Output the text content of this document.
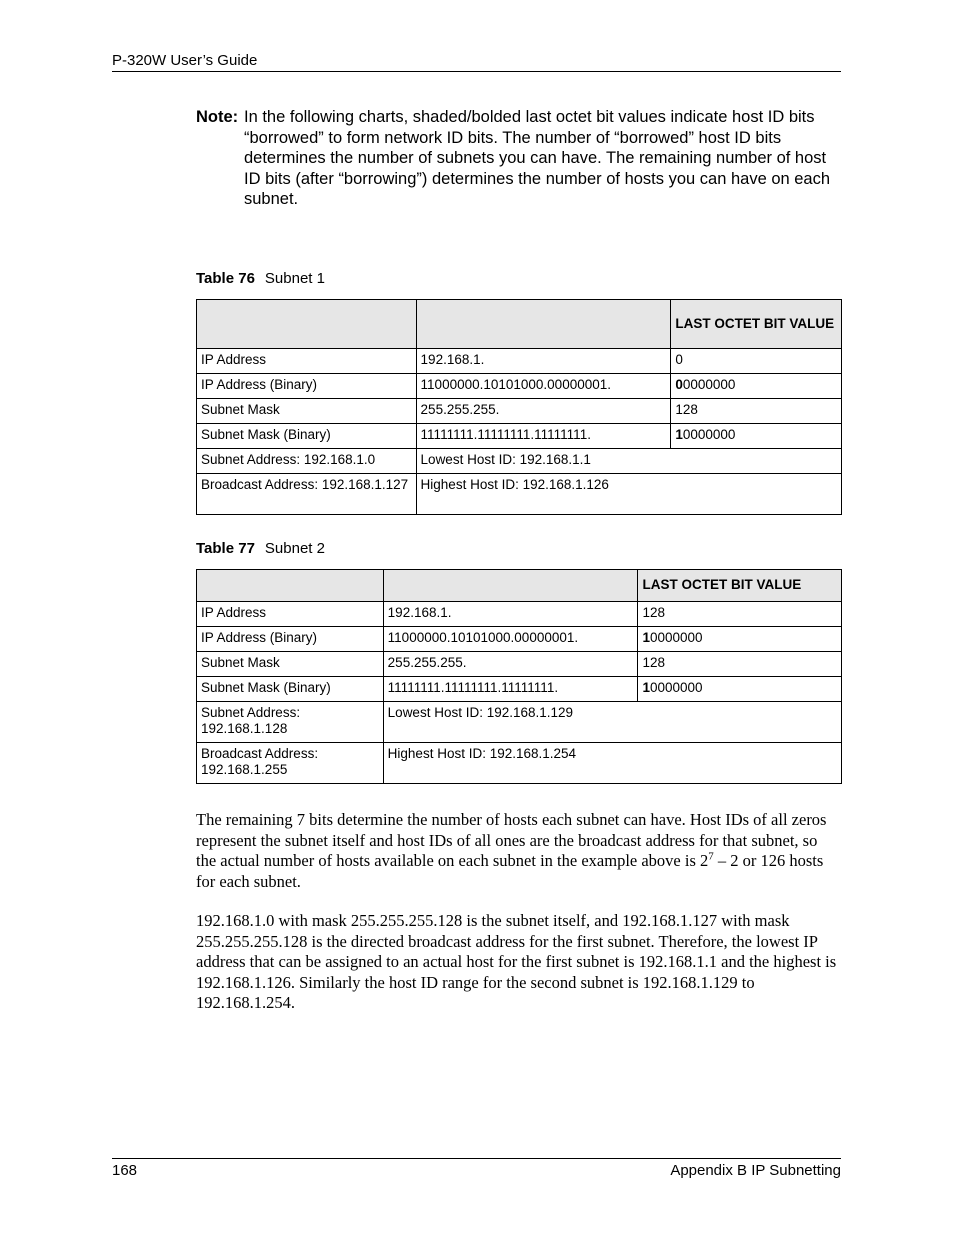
P-320W User’s Guide
Note: In the following charts, shaded/bolded last octet bit values indicate host ID bits “borrowed” to form network ID bits. The number of “borrowed” host ID bits determines the number of subnets you can have. The remaining number of host ID bits (after “borrowing”) determines the number of hosts you can have on each subnet.
Table 76 Subnet 1
		LAST OCTET BIT VALUE
IP Address	192.168.1.	0
IP Address (Binary)	11000000.10101000.00000001.	00000000
Subnet Mask	255.255.255.	128
Subnet Mask (Binary)	11111111.11111111.11111111.	10000000
Subnet Address: 192.168.1.0	Lowest Host ID: 192.168.1.1	
Broadcast Address: 192.168.1.127	Highest Host ID: 192.168.1.126	
Table 77 Subnet 2
		LAST OCTET BIT VALUE
IP Address	192.168.1.	128
IP Address (Binary)	11000000.10101000.00000001.	10000000
Subnet Mask	255.255.255.	128
Subnet Mask (Binary)	11111111.11111111.11111111.	10000000
Subnet Address: 192.168.1.128	Lowest Host ID: 192.168.1.129	
Broadcast Address: 192.168.1.255	Highest Host ID: 192.168.1.254	
The remaining 7 bits determine the number of hosts each subnet can have. Host IDs of all zeros represent the subnet itself and host IDs of all ones are the broadcast address for that subnet, so the actual number of hosts available on each subnet in the example above is $2^7 - 2$ or 126 hosts for each subnet.
192.168.1.0 with mask 255.255.255.128 is the subnet itself, and 192.168.1.127 with mask 255.255.255.128 is the directed broadcast address for the first subnet. Therefore, the lowest IP address that can be assigned to an actual host for the first subnet is 192.168.1.1 and the highest is 192.168.1.126. Similarly the host ID range for the second subnet is 192.168.1.129 to 192.168.1.254.
168	Appendix B IP Subnetting
